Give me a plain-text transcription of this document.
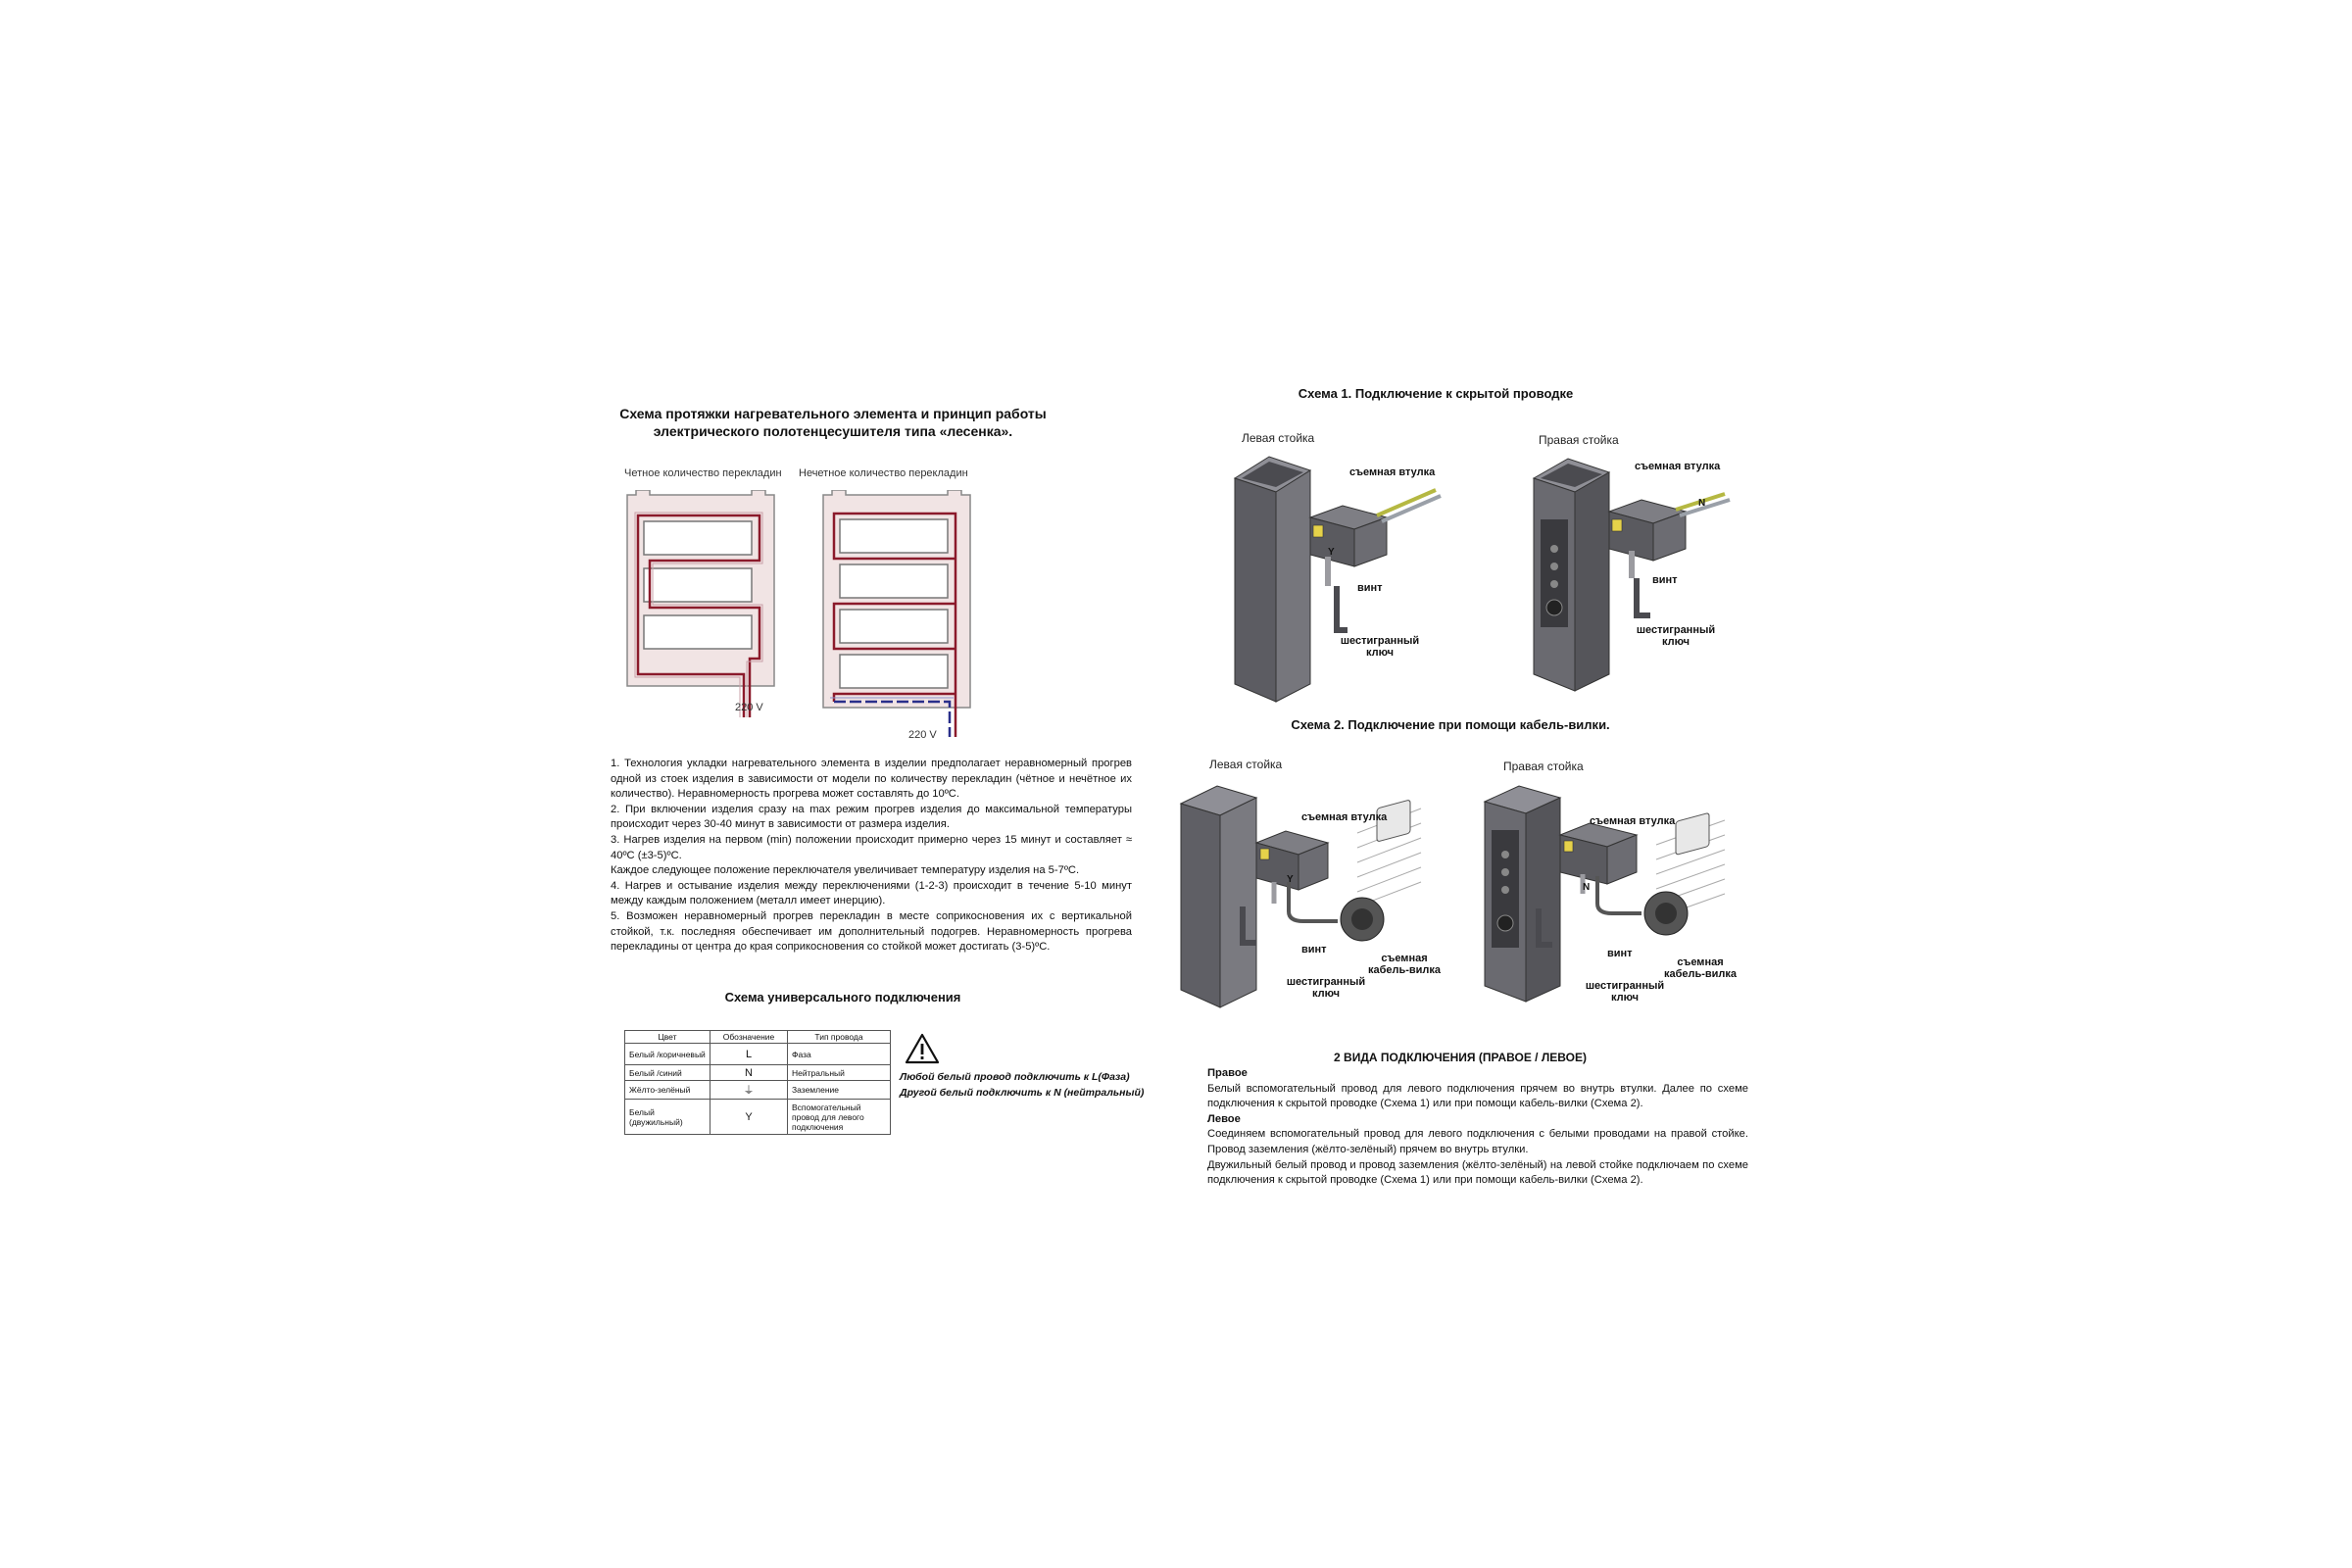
Схема протяжки нагревательного элемента и принцип работы
электрического полотенцесушителя типа «лесенка».
Четное количество перекладин Нечетное количество перекладин
220 V
220 V
1. Технология укладки нагревательного элемента в изделии предполагает неравномерный прогрев одной из стоек изделия в зависимости от модели по количеству перекладин (чётное и нечётное их количество). Неравномерность прогрева может составлять до 10ºC.
2. При включении изделия сразу на max режим прогрев изделия до максимальной температуры происходит через 30-40 минут в зависимости от размера изделия.
3. Нагрев изделия на первом (min) положении происходит примерно через 15 минут и составляет ≈ 40ºC (±3-5)ºC.
Каждое следующее положение переключателя увеличивает температуру изделия на 5-7ºC.
4. Нагрев и остывание изделия между переключениями (1-2-3) происходит в течение 5-10 минут между каждым положением (металл имеет инерцию).
5. Возможен неравномерный прогрев перекладин в месте соприкосновения их с вертикальной стойкой, т.к. последняя обеспечивает им дополнительный подогрев. Неравномерность прогрева перекладины от центра до края соприкосновения со стойкой может достигать (3-5)ºC.
Схема универсального подключения
Цвет	Обозначение	Тип провода
Белый /коричневый	L	Фаза
Белый /синий	N	Нейтральный
Жёлто-зелёный	⏚	Заземление
Белый (двужильный)	Y	Вспомогательный провод для левого подключения
Любой белый провод подключить к L(Фаза)
Другой белый подключить к N (нейтральный)
Схема 1. Подключение к скрытой проводке
Левая стойка
съемная втулка
винт
шестигранный ключ
Y
Правая стойка
съемная втулка
винт
шестигранный ключ
N
Схема 2. Подключение при помощи кабель-вилки.
Левая стойка
съемная втулка
винт
шестигранный ключ
съемная кабель-вилка
Y
Правая стойка
съемная втулка
винт
шестигранный ключ
съемная кабель-вилка
N
2 ВИДА ПОДКЛЮЧЕНИЯ (ПРАВОЕ / ЛЕВОЕ)
Правое
Белый вспомогательный провод для левого подключения прячем во внутрь втулки. Далее по схеме подключения к скрытой проводке (Схема 1) или при помощи кабель-вилки (Схема 2).
Левое
Соединяем вспомогательный провод для левого подключения с белыми проводами на правой стойке. Провод заземления (жёлто-зелёный) прячем во внутрь втулки.
Двужильный белый провод и провод заземления (жёлто-зелёный) на левой стойке подключаем по схеме подключения к скрытой проводке (Схема 1) или при помощи кабель-вилки (Схема 2).
